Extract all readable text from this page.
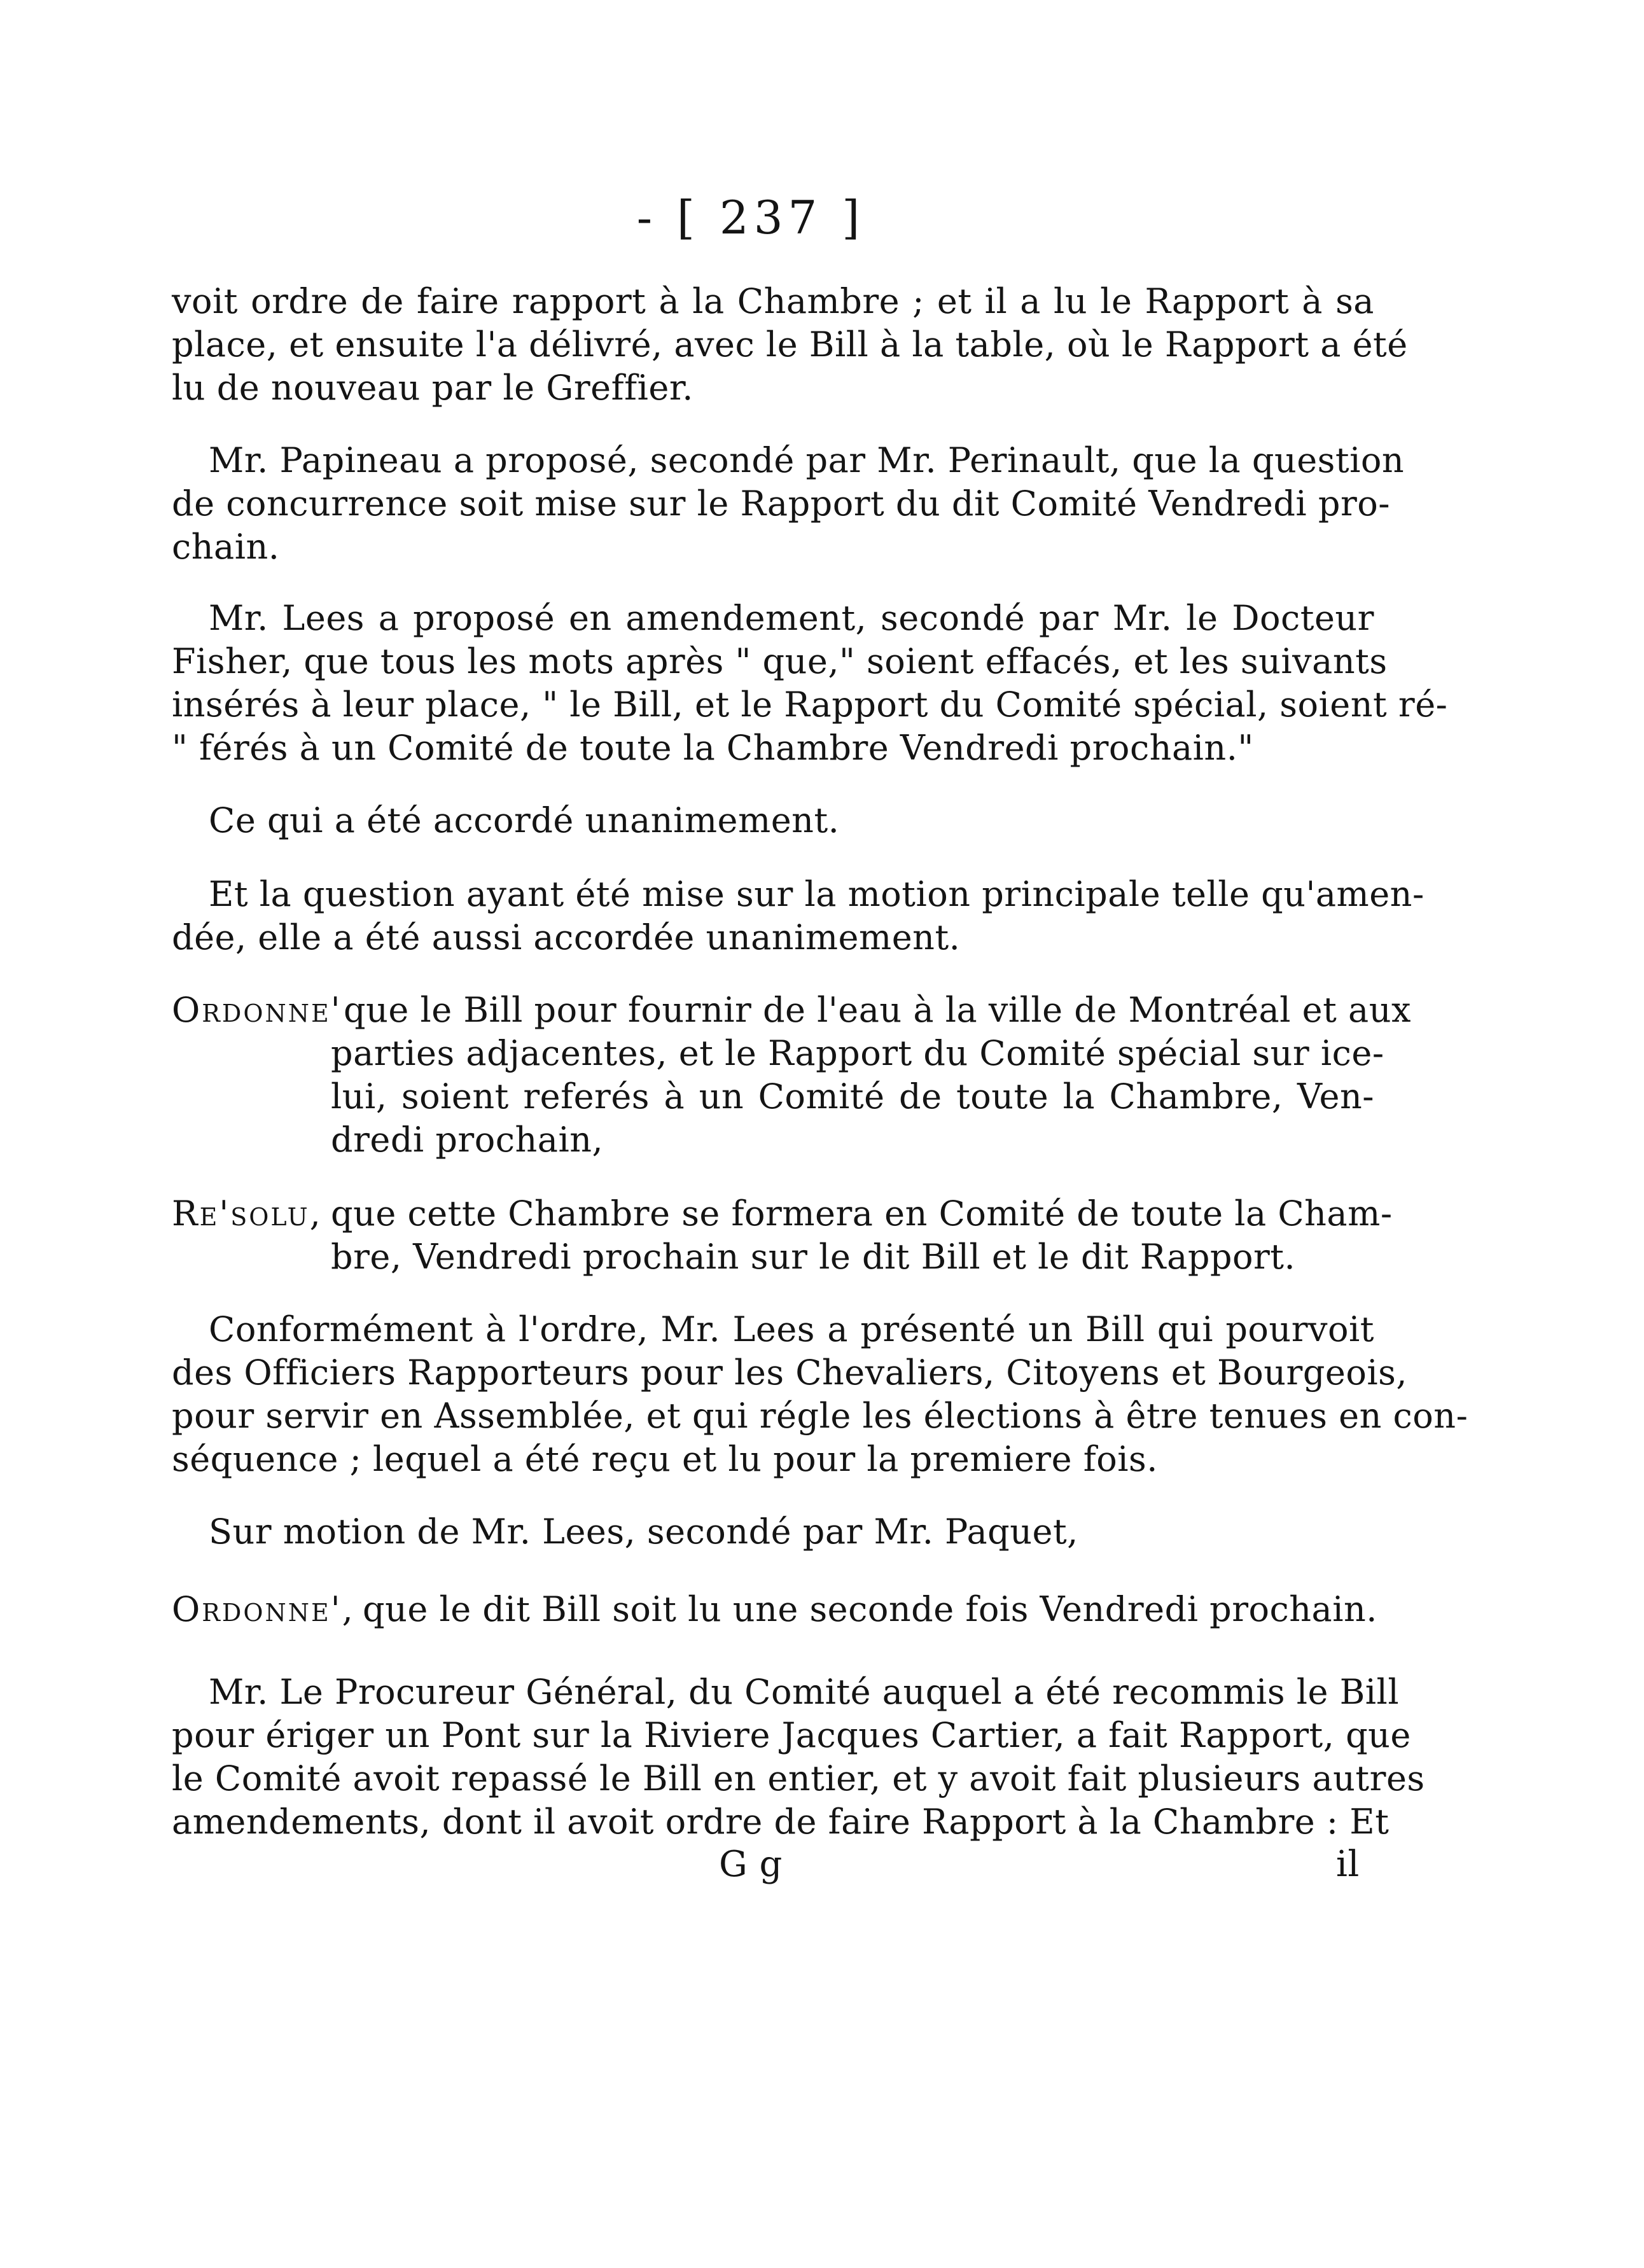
- [ 237 ]
voit ordre de faire rapport à la Chambre ; et il a lu le Rapport à sa
place, et ensuite l'a délivré, avec le Bill à la table, où le Rapport a été
lu de nouveau par le Greffier.
Mr. Papineau a proposé, secondé par Mr. Perinault, que la question
de concurrence soit mise sur le Rapport du dit Comité Vendredi pro-
chain.
Mr. Lees a proposé en amendement, secondé par Mr. le Docteur
Fisher, que tous les mots après " que," soient effacés, et les suivants
insérés à leur place, " le Bill, et le Rapport du Comité spécial, soient ré-
" férés à un Comité de toute la Chambre Vendredi prochain."
Ce qui a été accordé unanimement.
Et la question ayant été mise sur la motion principale telle qu'amen-
dée, elle a été aussi accordée unanimement.
Ordonne' que le Bill pour fournir de l'eau à la ville de Montréal et aux
parties adjacentes, et le Rapport du Comité spécial sur ice-
lui, soient referés à un Comité de toute la Chambre, Ven-
dredi prochain,
Re'solu, que cette Chambre se formera en Comité de toute la Cham-
bre, Vendredi prochain sur le dit Bill et le dit Rapport.
Conformément à l'ordre, Mr. Lees a présenté un Bill qui pourvoit
des Officiers Rapporteurs pour les Chevaliers, Citoyens et Bourgeois,
pour servir en Assemblée, et qui régle les élections à être tenues en con-
séquence ; lequel a été reçu et lu pour la premiere fois.
Sur motion de Mr. Lees, secondé par Mr. Paquet,
Ordonne', que le dit Bill soit lu une seconde fois Vendredi prochain.
Mr. Le Procureur Général, du Comité auquel a été recommis le Bill
pour ériger un Pont sur la Riviere Jacques Cartier, a fait Rapport, que
le Comité avoit repassé le Bill en entier, et y avoit fait plusieurs autres
amendements, dont il avoit ordre de faire Rapport à la Chambre : Et
G g	il
